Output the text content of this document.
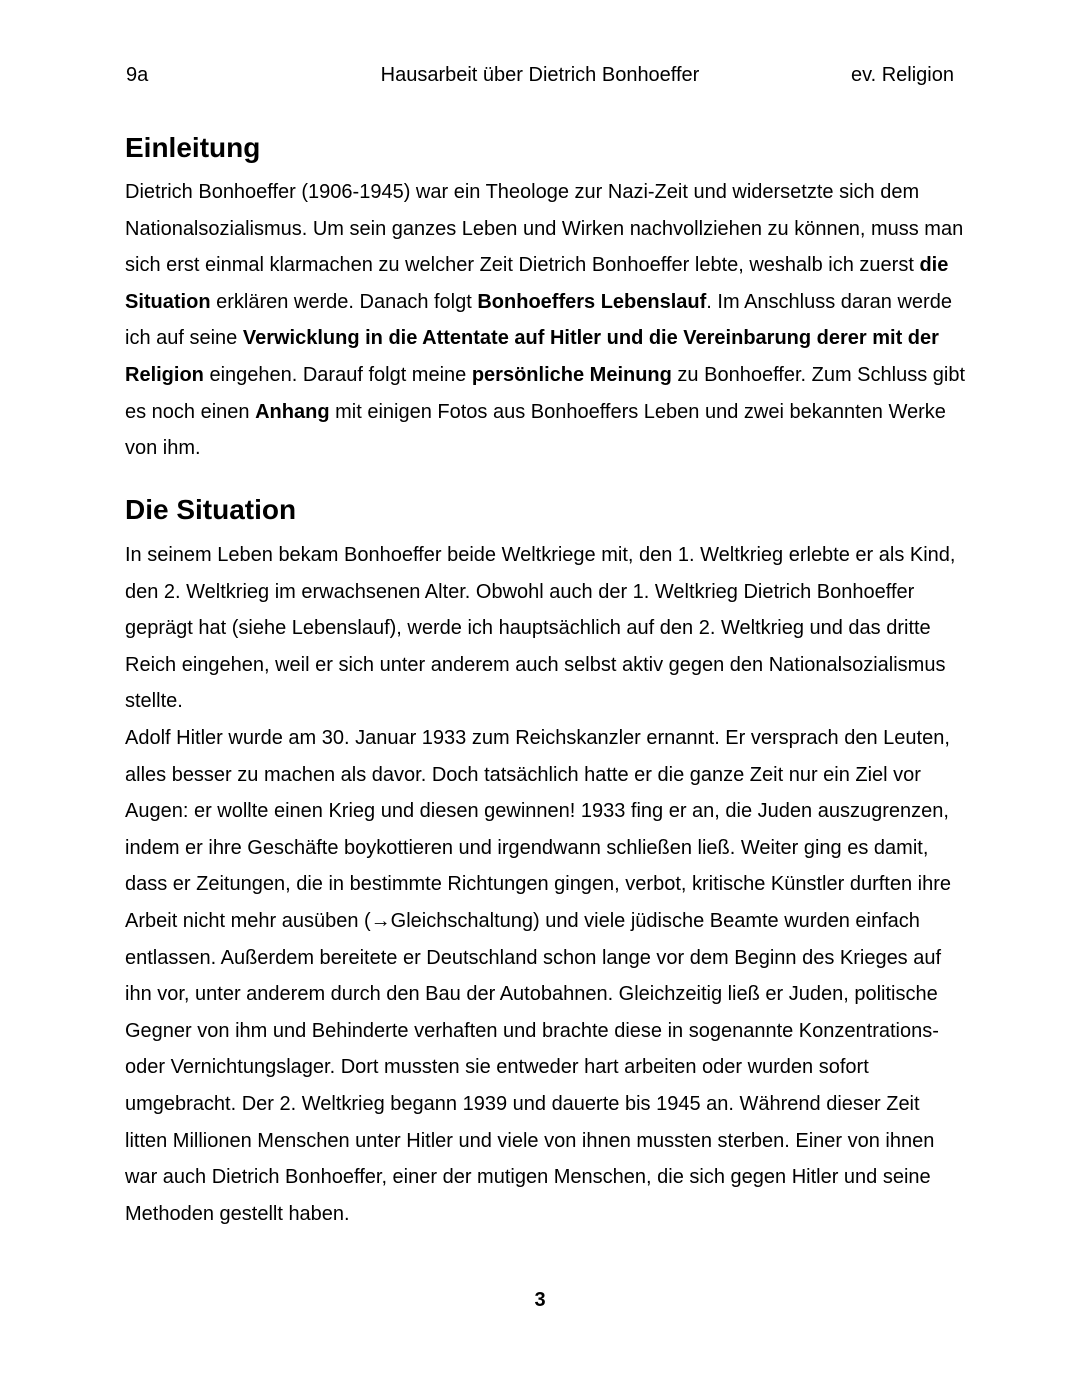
9a	Hausarbeit über Dietrich Bonhoeffer	ev. Religion
Einleitung

Dietrich Bonhoeffer (1906-1945) war ein Theologe zur Nazi-Zeit und widersetzte sich dem Nationalsozialismus. Um sein ganzes Leben und Wirken nachvollziehen zu können, muss man sich erst einmal klarmachen zu welcher Zeit Dietrich Bonhoeffer lebte, weshalb ich zuerst die Situation erklären werde. Danach folgt Bonhoeffers Lebenslauf. Im Anschluss daran werde ich auf seine Verwicklung in die Attentate auf Hitler und die Vereinbarung derer mit der Religion eingehen. Darauf folgt meine persönliche Meinung zu Bonhoeffer. Zum Schluss gibt es noch einen Anhang mit einigen Fotos aus Bonhoeffers Leben und zwei bekannten Werke von ihm.

Die Situation

In seinem Leben bekam Bonhoeffer beide Weltkriege mit, den 1. Weltkrieg erlebte er als Kind, den 2. Weltkrieg im erwachsenen Alter. Obwohl auch der 1. Weltkrieg Dietrich Bonhoeffer geprägt hat (siehe Lebenslauf), werde ich hauptsächlich auf den 2. Weltkrieg und das dritte Reich eingehen, weil er sich unter anderem auch selbst aktiv gegen den Nationalsozialismus stellte.

Adolf Hitler wurde am 30. Januar 1933 zum Reichskanzler ernannt. Er versprach den Leuten, alles besser zu machen als davor. Doch tatsächlich hatte er die ganze Zeit nur ein Ziel vor Augen: er wollte einen Krieg und diesen gewinnen! 1933 fing er an, die Juden auszugrenzen, indem er ihre Geschäfte boykottieren und irgendwann schließen ließ. Weiter ging es damit, dass er Zeitungen, die in bestimmte Richtungen gingen, verbot, kritische Künstler durften ihre Arbeit nicht mehr ausüben (→Gleichschaltung) und viele jüdische Beamte wurden einfach entlassen. Außerdem bereitete er Deutschland schon lange vor dem Beginn des Krieges auf ihn vor, unter anderem durch den Bau der Autobahnen. Gleichzeitig ließ er Juden, politische Gegner von ihm und Behinderte verhaften und brachte diese in sogenannte Konzentrations- oder Vernichtungslager. Dort mussten sie entweder hart arbeiten oder wurden sofort umgebracht. Der 2. Weltkrieg begann 1939 und dauerte bis 1945 an. Während dieser Zeit litten Millionen Menschen unter Hitler und viele von ihnen mussten sterben. Einer von ihnen war auch Dietrich Bonhoeffer, einer der mutigen Menschen, die sich gegen Hitler und seine Methoden gestellt haben.

3
